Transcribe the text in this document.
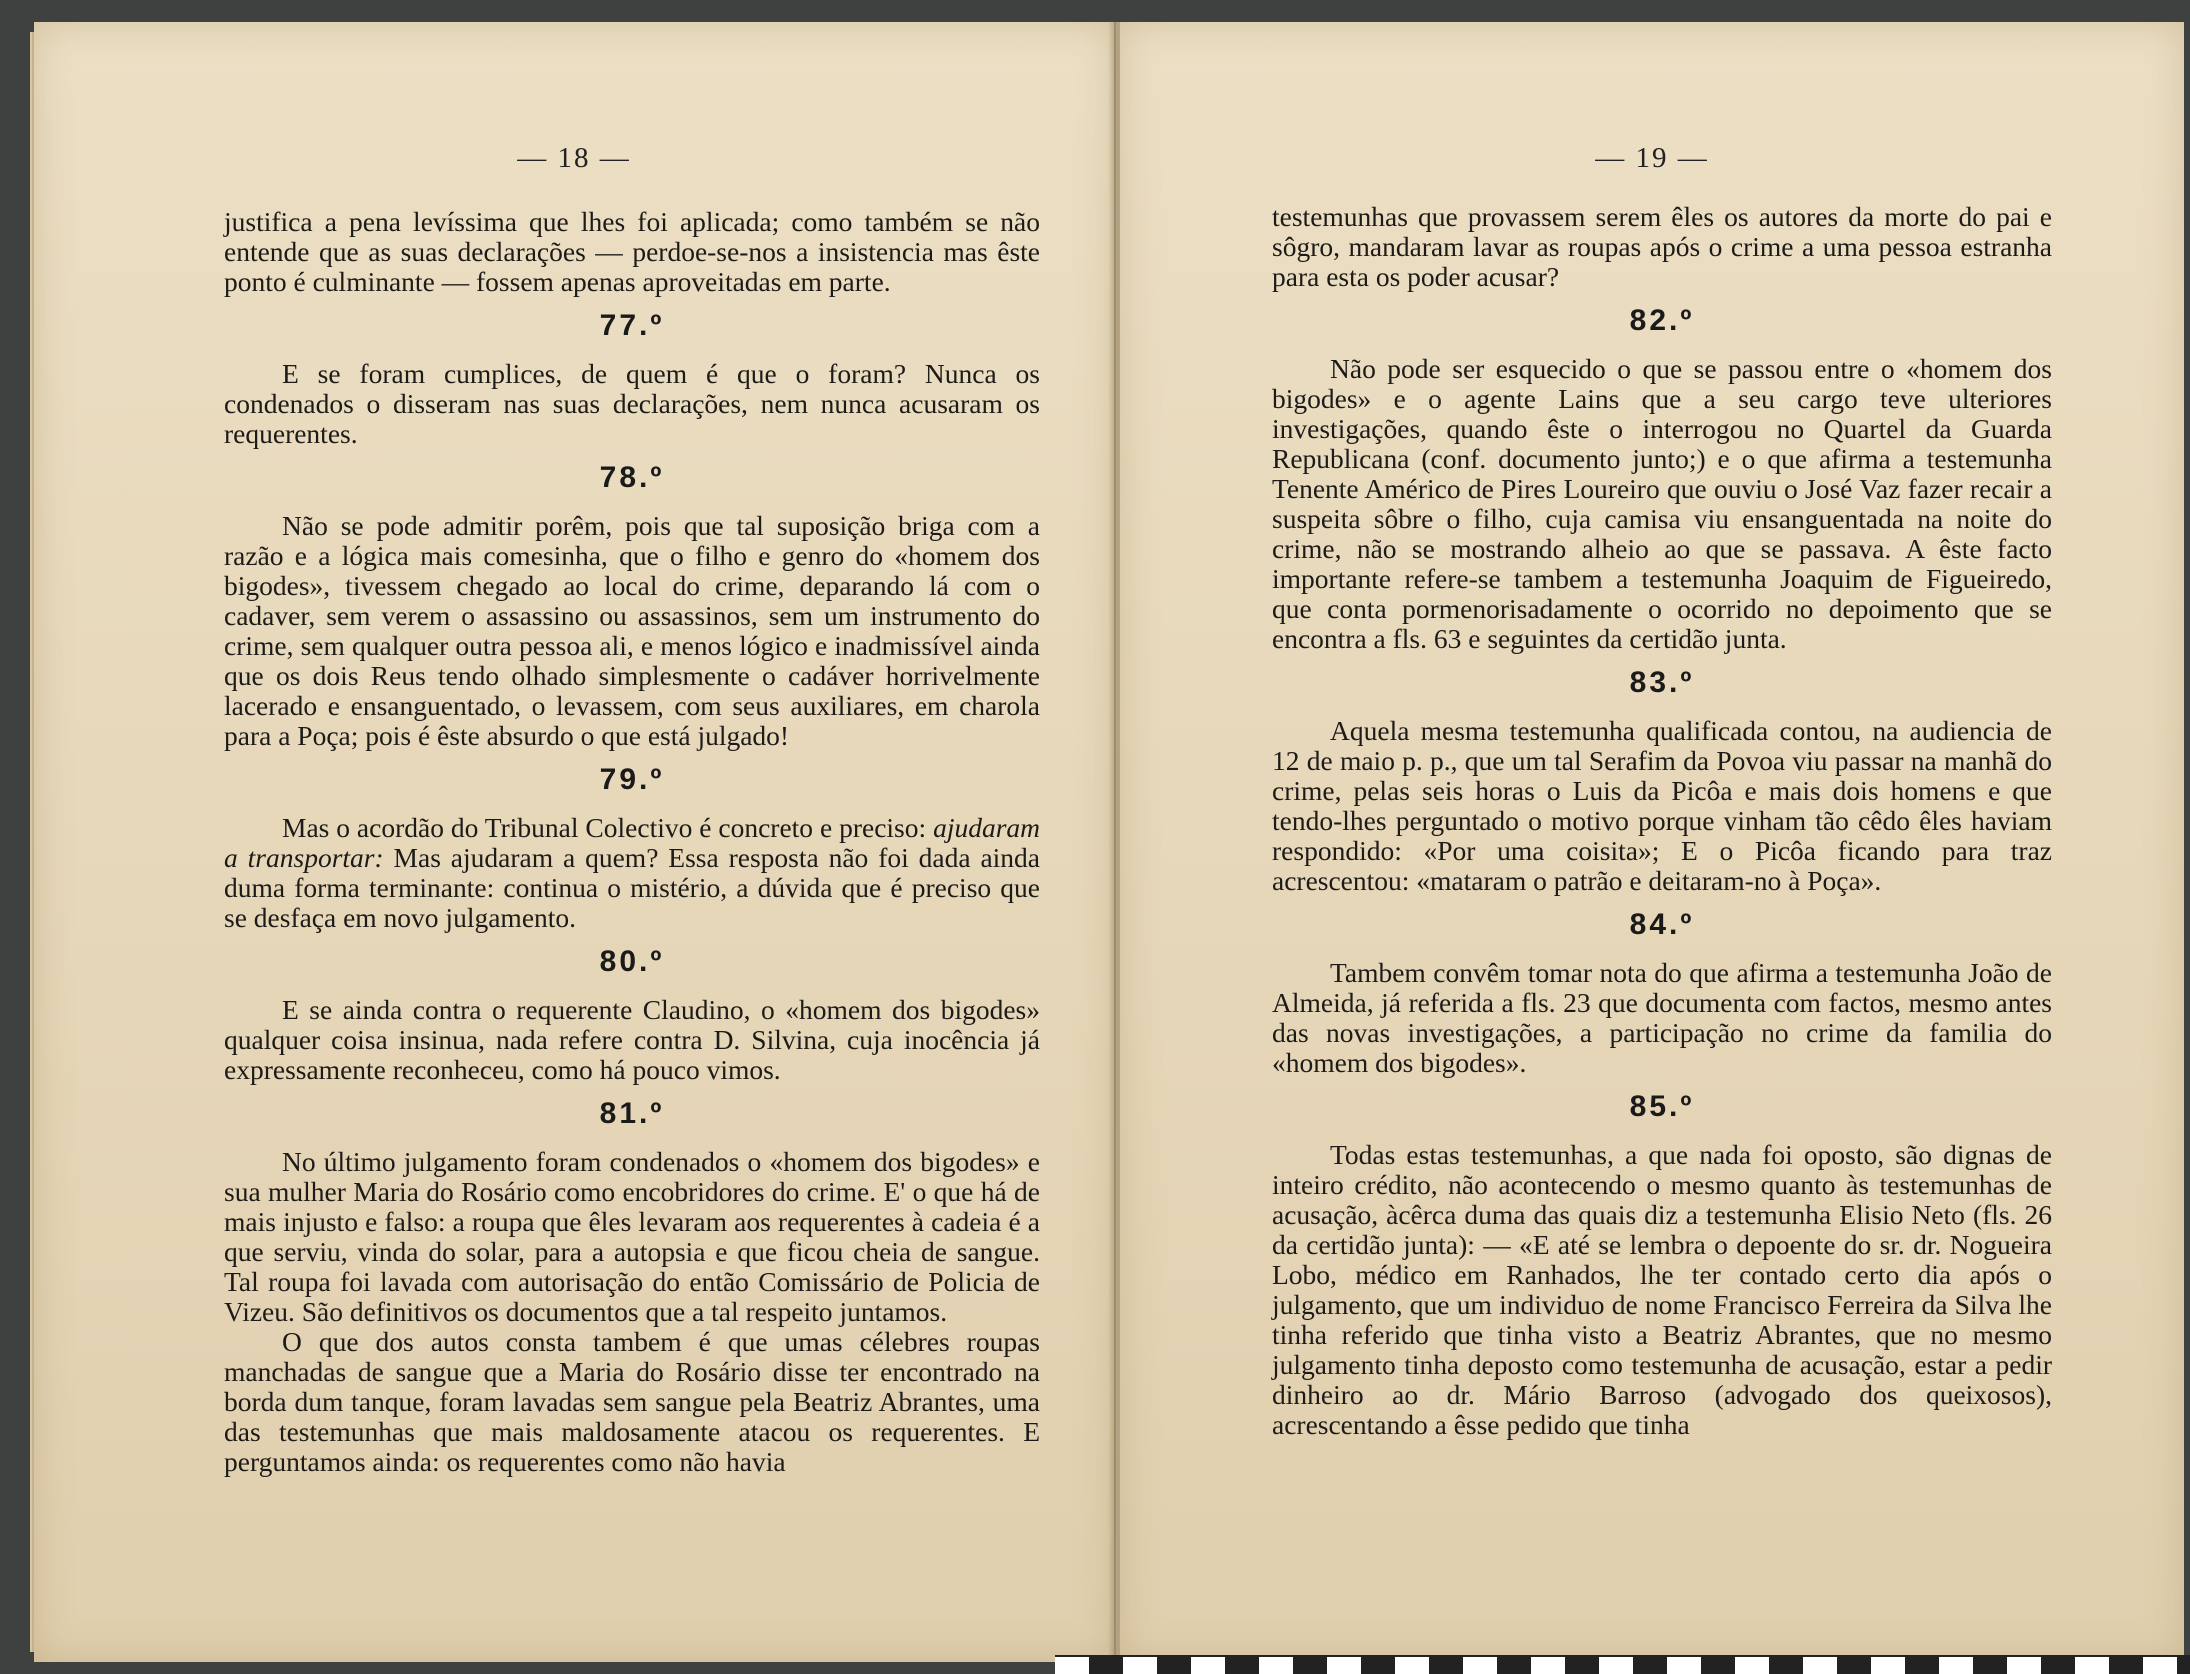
— 18 —

justifica a pena levíssima que lhes foi aplicada; como também se não entende que as suas declarações — perdoe-se-nos a insistencia mas êste ponto é culminante — fossem apenas aproveitadas em parte.

77.º

E se foram cumplices, de quem é que o foram? Nunca os condenados o disseram nas suas declarações, nem nunca acusaram os requerentes.

78.º

Não se pode admitir porêm, pois que tal suposição briga com a razão e a lógica mais comesinha, que o filho e genro do «homem dos bigodes», tivessem chegado ao local do crime, deparando lá com o cadaver, sem verem o assassino ou assassinos, sem um instrumento do crime, sem qualquer outra pessoa ali, e menos lógico e inadmissível ainda que os dois Reus tendo olhado simplesmente o cadáver horrivelmente lacerado e ensanguentado, o levassem, com seus auxiliares, em charola para a Poça; pois é êste absurdo o que está julgado!

79.º

Mas o acordão do Tribunal Colectivo é concreto e preciso: ajudaram a transportar: Mas ajudaram a quem? Essa resposta não foi dada ainda duma forma terminante: continua o mistério, a dúvida que é preciso que se desfaça em novo julgamento.

80.º

E se ainda contra o requerente Claudino, o «homem dos bigodes» qualquer coisa insinua, nada refere contra D. Silvina, cuja inocência já expressamente reconheceu, como há pouco vimos.

81.º

No último julgamento foram condenados o «homem dos bigodes» e sua mulher Maria do Rosário como encobridores do crime. E' o que há de mais injusto e falso: a roupa que êles levaram aos requerentes à cadeia é a que serviu, vinda do solar, para a autopsia e que ficou cheia de sangue. Tal roupa foi lavada com autorisação do então Comissário de Policia de Vizeu. São definitivos os documentos que a tal respeito juntamos.

O que dos autos consta tambem é que umas célebres roupas manchadas de sangue que a Maria do Rosário disse ter encontrado na borda dum tanque, foram lavadas sem sangue pela Beatriz Abrantes, uma das testemunhas que mais maldosamente atacou os requerentes. E perguntamos ainda: os requerentes como não havia

— 19 —

testemunhas que provassem serem êles os autores da morte do pai e sôgro, mandaram lavar as roupas após o crime a uma pessoa estranha para esta os poder acusar?

82.º

Não pode ser esquecido o que se passou entre o «homem dos bigodes» e o agente Lains que a seu cargo teve ulteriores investigações, quando êste o interrogou no Quartel da Guarda Republicana (conf. documento junto;) e o que afirma a testemunha Tenente Américo de Pires Loureiro que ouviu o José Vaz fazer recair a suspeita sôbre o filho, cuja camisa viu ensanguentada na noite do crime, não se mostrando alheio ao que se passava. A êste facto importante refere-se tambem a testemunha Joaquim de Figueiredo, que conta pormenorisadamente o ocorrido no depoimento que se encontra a fls. 63 e seguintes da certidão junta.

83.º

Aquela mesma testemunha qualificada contou, na audiencia de 12 de maio p. p., que um tal Serafim da Povoa viu passar na manhã do crime, pelas seis horas o Luis da Picôa e mais dois homens e que tendo-lhes perguntado o motivo porque vinham tão cêdo êles haviam respondido: «Por uma coisita»; E o Picôa ficando para traz acrescentou: «mataram o patrão e deitaram-no à Poça».

84.º

Tambem convêm tomar nota do que afirma a testemunha João de Almeida, já referida a fls. 23 que documenta com factos, mesmo antes das novas investigações, a participação no crime da familia do «homem dos bigodes».

85.º

Todas estas testemunhas, a que nada foi oposto, são dignas de inteiro crédito, não acontecendo o mesmo quanto às testemunhas de acusação, àcêrca duma das quais diz a testemunha Elisio Neto (fls. 26 da certidão junta): — «E até se lembra o depoente do sr. dr. Nogueira Lobo, médico em Ranhados, lhe ter contado certo dia após o julgamento, que um individuo de nome Francisco Ferreira da Silva lhe tinha referido que tinha visto a Beatriz Abrantes, que no mesmo julgamento tinha deposto como testemunha de acusação, estar a pedir dinheiro ao dr. Mário Barroso (advogado dos queixosos), acrescentando a êsse pedido que tinha
